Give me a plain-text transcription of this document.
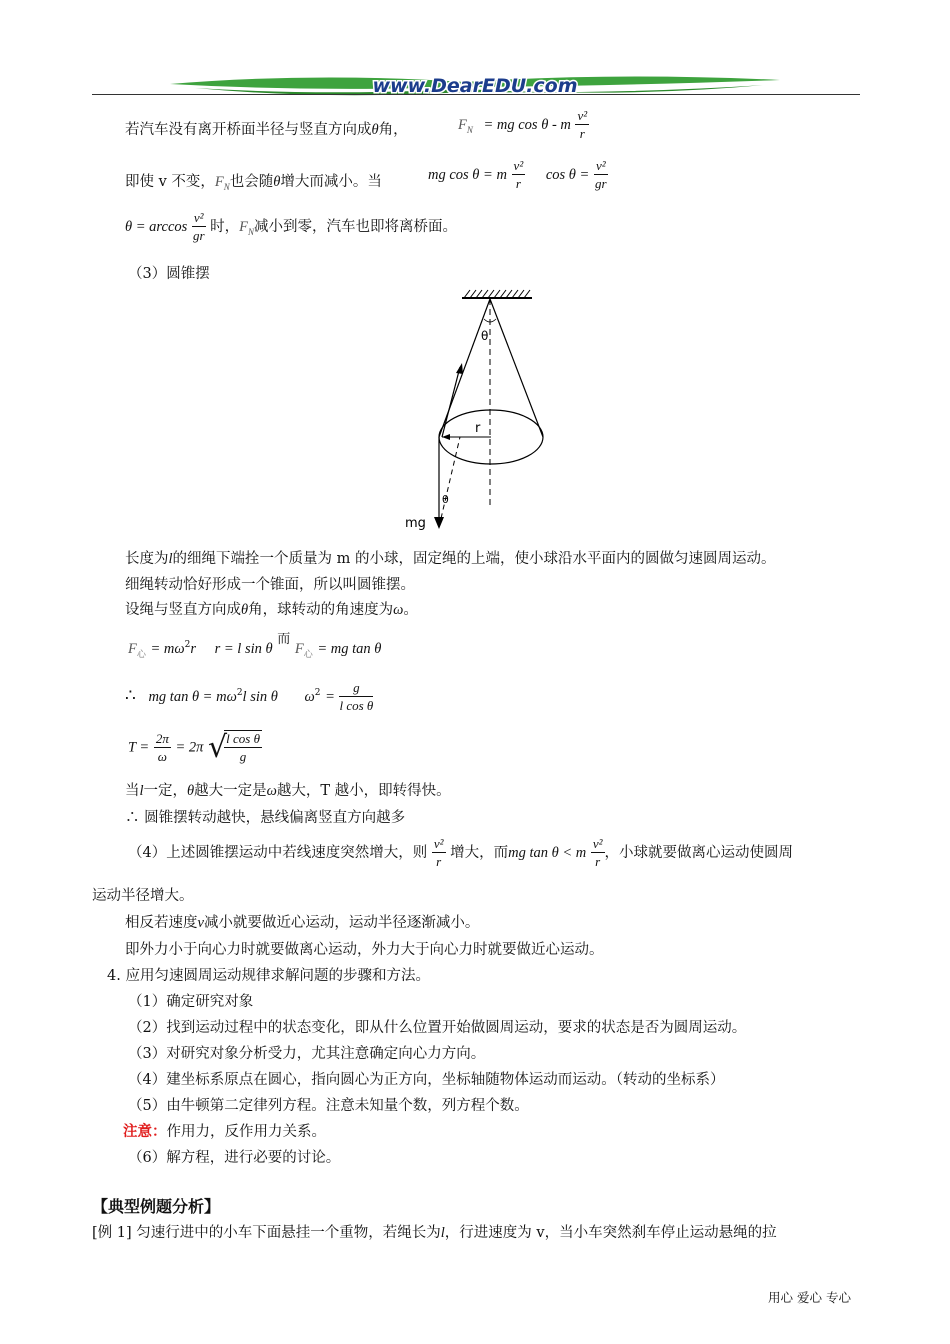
www.DearEDU.com
若汽车没有离开桥面半径与竖直方向成θ角，	$F_N$ = mg cos θ - m $\frac{\text{v²}}{r}$
即使 v 不变，$F_N$也会随θ增大而减小。当	mg cos θ = m $\frac{\text{v²}}{r}$ $\cos \theta = \frac{\text{v²}}{gr}$
$\theta = \arccos \frac{\text{v²}}{gr}$ 时，$F_N$减小到零，汽车也即将离桥面。
（3）圆锥摆
θ
r
θ
mg
长度为l的细绳下端拴一个质量为 m 的小球，固定绳的上端，使小球沿水平面内的圆做匀速圆周运动。
细绳转动恰好形成一个锥面，所以叫圆锥摆。
设绳与竖直方向成θ角，球转动的角速度为ω。
$F_心 = m\omega^2r$ r = l sin θ 而 $F_心$ = mg tan θ
∴ mg $\tan \theta = m\omega^2l$ sin θ $\omega^2 = \frac{g}{\text{l cos θ}}$
$T = \frac{2\pi}{\omega} = 2\pi$ √
$\frac{\text{l cos θ}}{g}$
当l一定，θ越大一定是ω越大，T 越小，即转得快。
∴ 圆锥摆转动越快，悬线偏离竖直方向越多
（4）上述圆锥摆运动中若线速度突然增大，则 $\frac{\text{v²}}{r}$ 增大，而mg tan θ < m $\frac{\text{v²}}{r}$ ，小球就要做离心运动使圆周
运动半径增大。
相反若速度v减小就要做近心运动，运动半径逐渐减小。
即外力小于向心力时就要做离心运动，外力大于向心力时就要做近心运动。
4. 应用匀速圆周运动规律求解问题的步骤和方法。
（1）确定研究对象
（2）找到运动过程中的状态变化，即从什么位置开始做圆周运动，要求的状态是否为圆周运动。
（3）对研究对象分析受力，尤其注意确定向心力方向。
（4）建坐标系原点在圆心，指向圆心为正方向，坐标轴随物体运动而运动。（转动的坐标系）
（5）由牛顿第二定律列方程。注意未知量个数，列方程个数。
注意：作用力，反作用力关系。
（6）解方程，进行必要的讨论。
【典型例题分析】
[例 1] 匀速行进中的小车下面悬挂一个重物，若绳长为l，行进速度为 v，当小车突然刹车停止运动悬绳的拉
用心 爱心 专心
